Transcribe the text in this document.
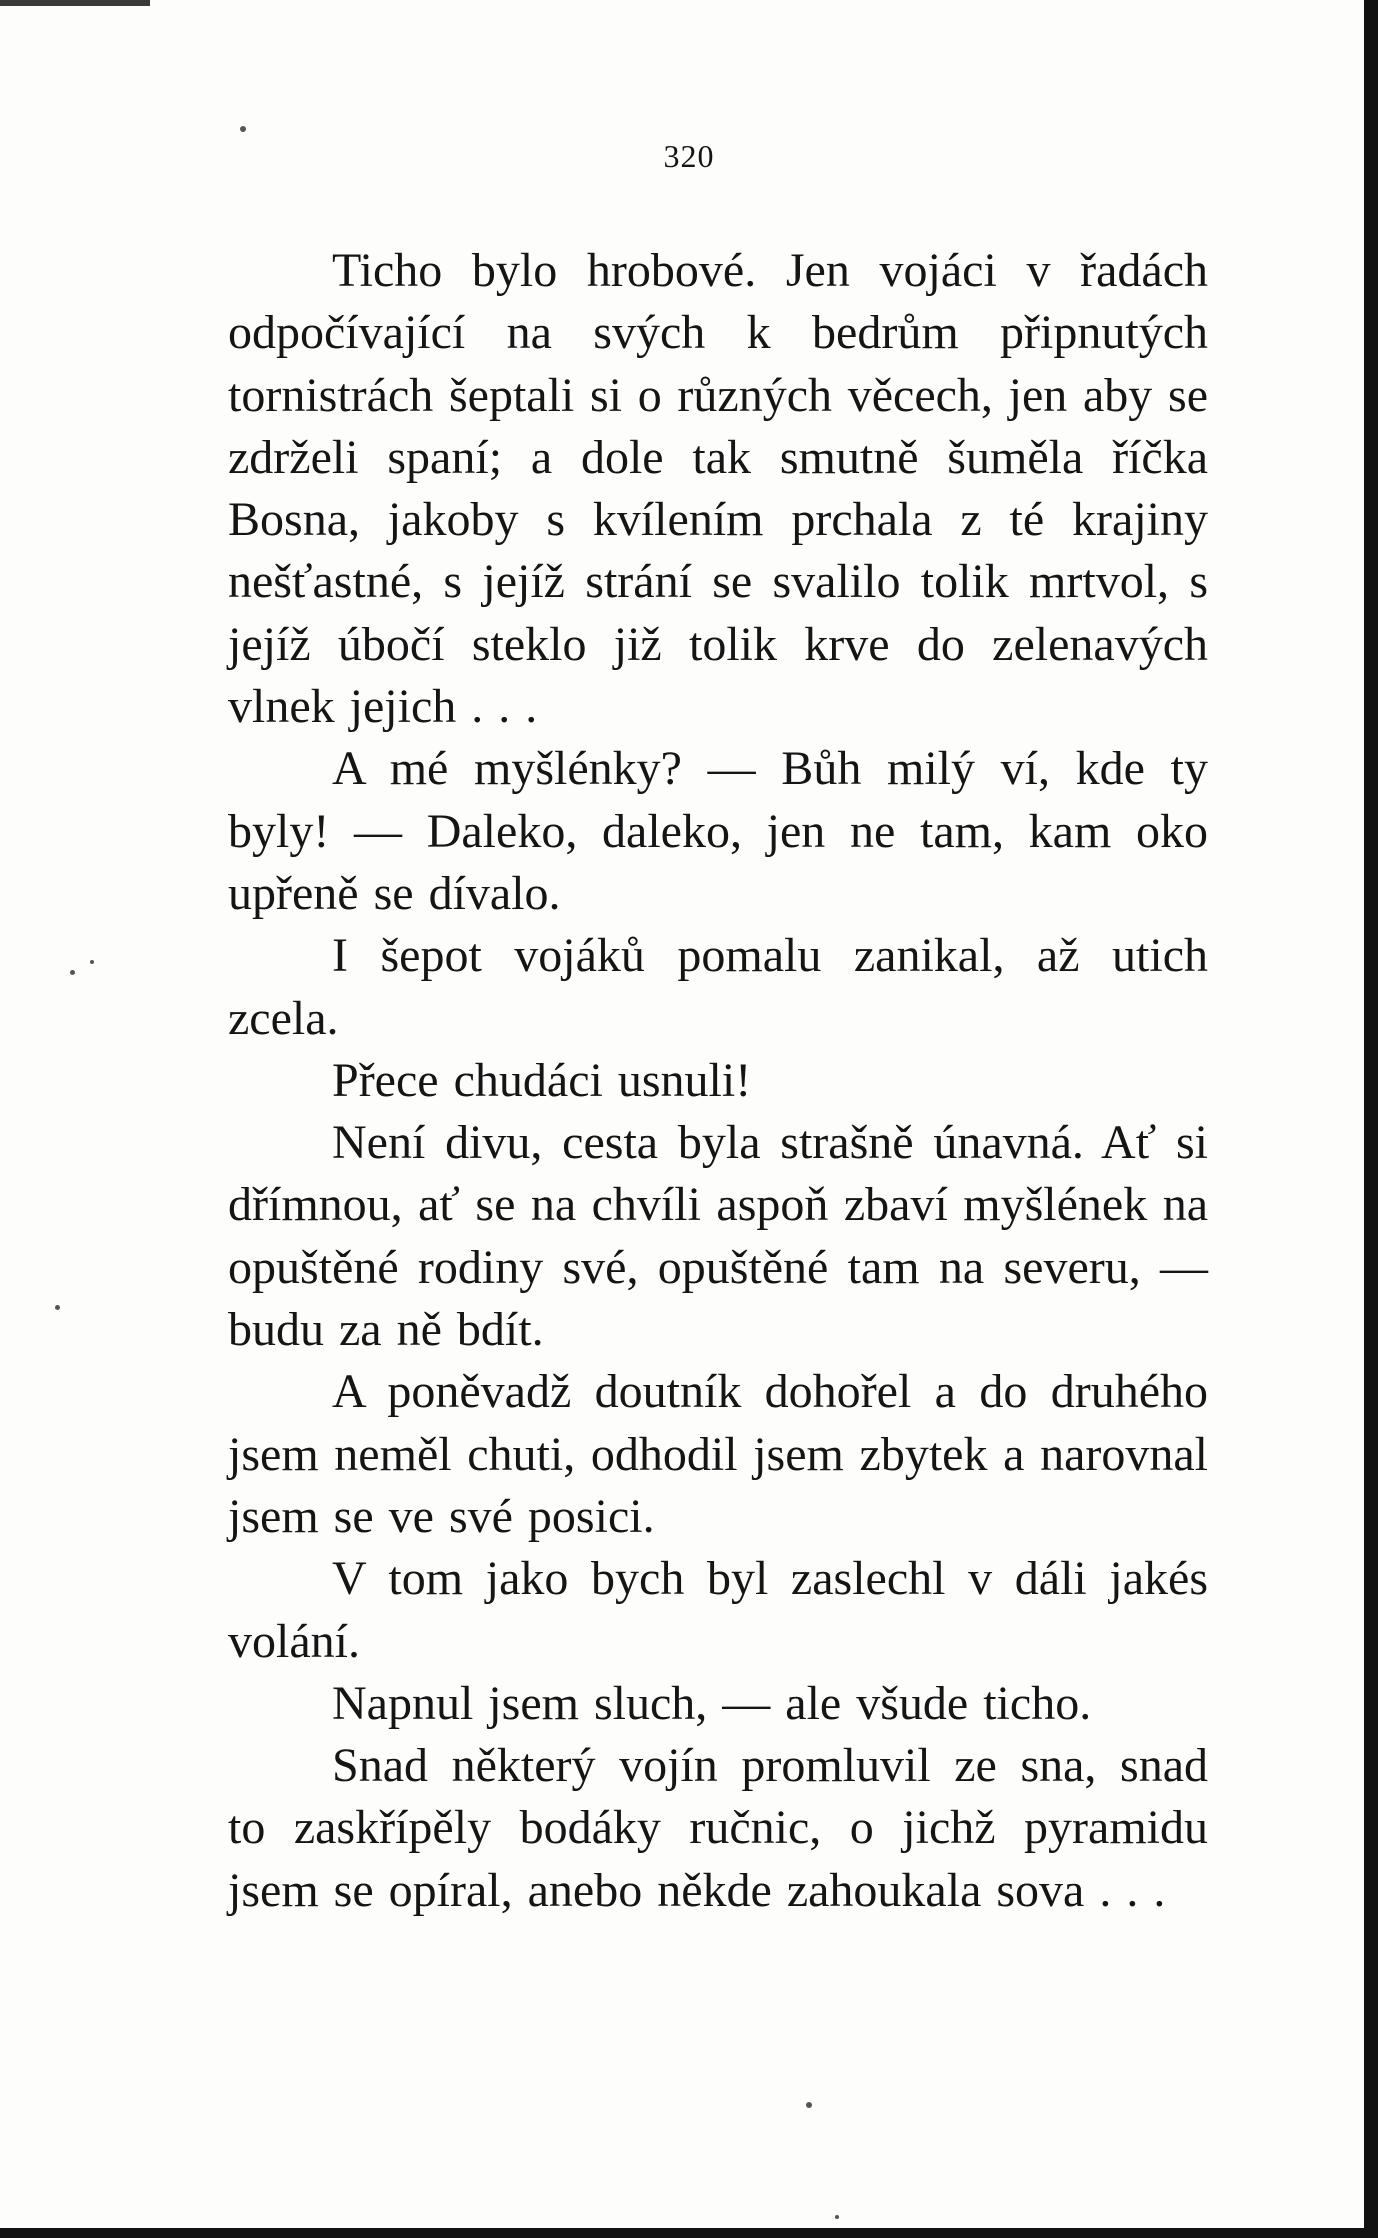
320

Ticho bylo hrobové. Jen vojáci v řadách odpočívající na svých k bedrům připnutých tornistrách šeptali si o různých věcech, jen aby se zdrželi spaní; a dole tak smutně šuměla říčka Bosna, jakoby s kvílením prchala z té krajiny nešťastné, s jejíž strání se svalilo tolik mrtvol, s jejíž úbočí steklo již tolik krve do zelenavých vlnek jejich . . .

A mé myšlénky? — Bůh milý ví, kde ty byly! — Daleko, daleko, jen ne tam, kam oko upřeně se dívalo.

I šepot vojáků pomalu zanikal, až utich zcela.

Přece chudáci usnuli!

Není divu, cesta byla strašně únavná. Ať si dřímnou, ať se na chvíli aspoň zbaví myšlének na opuštěné rodiny své, opuštěné tam na severu, — budu za ně bdít.

A poněvadž doutník dohořel a do druhého jsem neměl chuti, odhodil jsem zbytek a narovnal jsem se ve své posici.

V tom jako bych byl zaslechl v dáli jakés volání.

Napnul jsem sluch, — ale všude ticho.

Snad některý vojín promluvil ze sna, snad to zaskřípěly bodáky ručnic, o jichž pyramidu jsem se opíral, anebo někde zahoukala sova . . .
